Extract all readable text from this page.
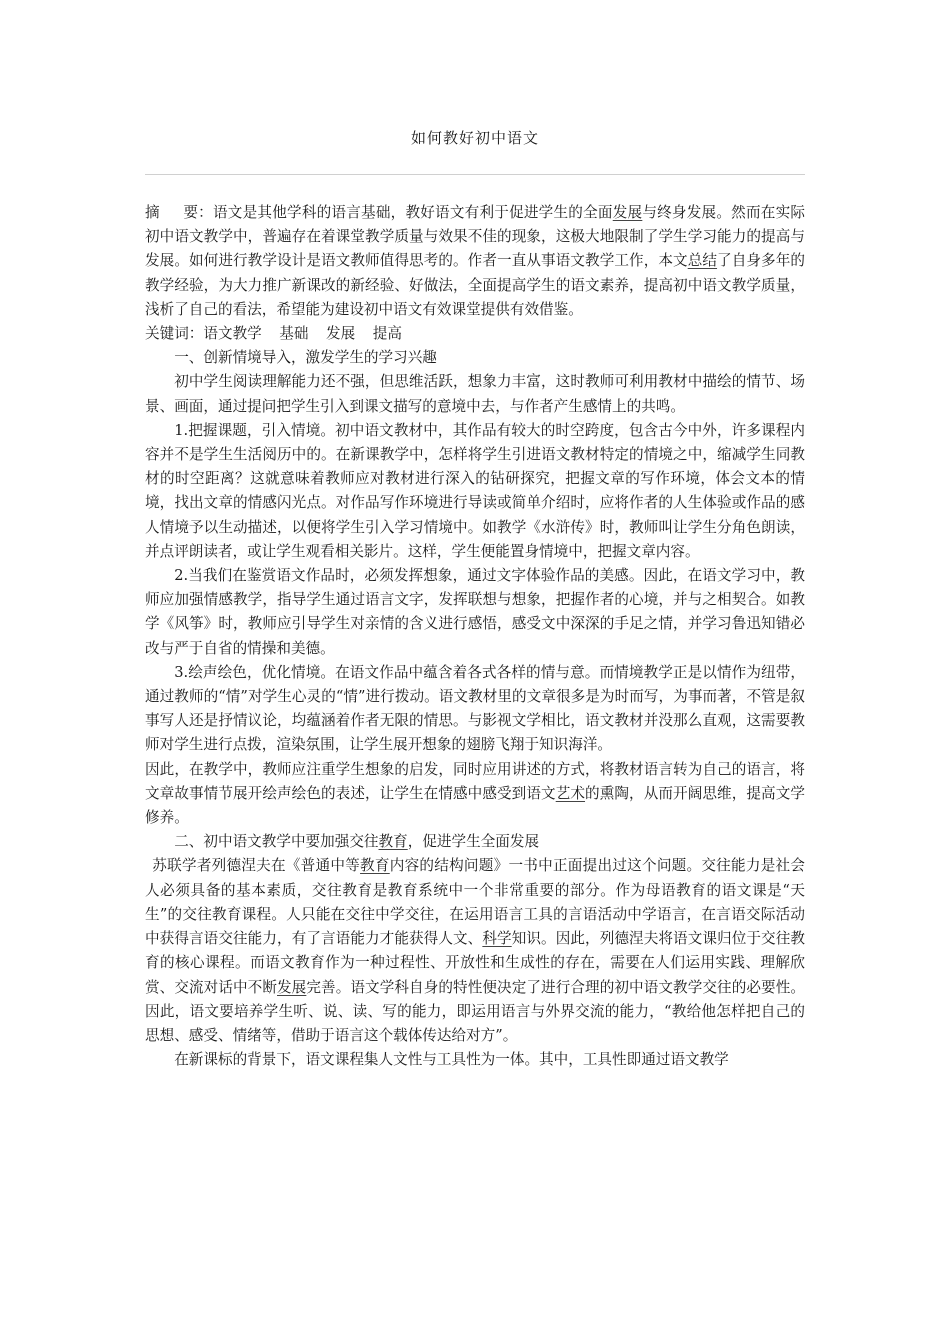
如何教好初中语文

摘 要：语文是其他学科的语言基础，教好语文有利于促进学生的全面发展与终身发展。然而在实际初中语文教学中，普遍存在着课堂教学质量与效果不佳的现象，这极大地限制了学生学习能力的提高与发展。如何进行教学设计是语文教师值得思考的。作者一直从事语文教学工作，本文总结了自身多年的教学经验，为大力推广新课改的新经验、好做法，全面提高学生的语文素养，提高初中语文教学质量，浅析了自己的看法，希望能为建设初中语文有效课堂提供有效借鉴。

关键词：语文教学 基础 发展 提高

一、创新情境导入，激发学生的学习兴趣

初中学生阅读理解能力还不强，但思维活跃，想象力丰富，这时教师可利用教材中描绘的情节、场景、画面，通过提问把学生引入到课文描写的意境中去，与作者产生感情上的共鸣。

1.把握课题，引入情境。初中语文教材中，其作品有较大的时空跨度，包含古今中外，许多课程内容并不是学生生活阅历中的。在新课教学中，怎样将学生引进语文教材特定的情境之中，缩减学生同教材的时空距离？这就意味着教师应对教材进行深入的钻研探究，把握文章的写作环境，体会文本的情境，找出文章的情感闪光点。对作品写作环境进行导读或简单介绍时，应将作者的人生体验或作品的感人情境予以生动描述，以便将学生引入学习情境中。如教学《水浒传》时，教师叫让学生分角色朗读，并点评朗读者，或让学生观看相关影片。这样，学生便能置身情境中，把握文章内容。

2.当我们在鉴赏语文作品时，必须发挥想象，通过文字体验作品的美感。因此，在语文学习中，教师应加强情感教学，指导学生通过语言文字，发挥联想与想象，把握作者的心境，并与之相契合。如教学《风筝》时，教师应引导学生对亲情的含义进行感悟，感受文中深深的手足之情，并学习鲁迅知错必改与严于自省的情操和美德。

3.绘声绘色，优化情境。在语文作品中蕴含着各式各样的情与意。而情境教学正是以情作为纽带，通过教师的“情”对学生心灵的“情”进行拨动。语文教材里的文章很多是为时而写，为事而著，不管是叙事写人还是抒情议论，均蕴涵着作者无限的情思。与影视文学相比，语文教材并没那么直观，这需要教师对学生进行点拨，渲染氛围，让学生展开想象的翅膀飞翔于知识海洋。

因此，在教学中，教师应注重学生想象的启发，同时应用讲述的方式，将教材语言转为自己的语言，将文章故事情节展开绘声绘色的表述，让学生在情感中感受到语文艺术的熏陶，从而开阔思维，提高文学修养。

二、初中语文教学中要加强交往教育，促进学生全面发展

苏联学者列德涅夫在《普通中等教育内容的结构问题》一书中正面提出过这个问题。交往能力是社会人必须具备的基本素质，交往教育是教育系统中一个非常重要的部分。作为母语教育的语文课是“天生”的交往教育课程。人只能在交往中学交往，在运用语言工具的言语活动中学语言，在言语交际活动中获得言语交往能力，有了言语能力才能获得人文、科学知识。因此，列德涅夫将语文课归位于交往教育的核心课程。而语文教育作为一种过程性、开放性和生成性的存在，需要在人们运用实践、理解欣赏、交流对话中不断发展完善。语文学科自身的特性便决定了进行合理的初中语文教学交往的必要性。因此，语文要培养学生听、说、读、写的能力，即运用语言与外界交流的能力，“教给他怎样把自己的思想、感受、情绪等，借助于语言这个载体传达给对方”。

在新课标的背景下，语文课程集人文性与工具性为一体。其中，工具性即通过语文教学
